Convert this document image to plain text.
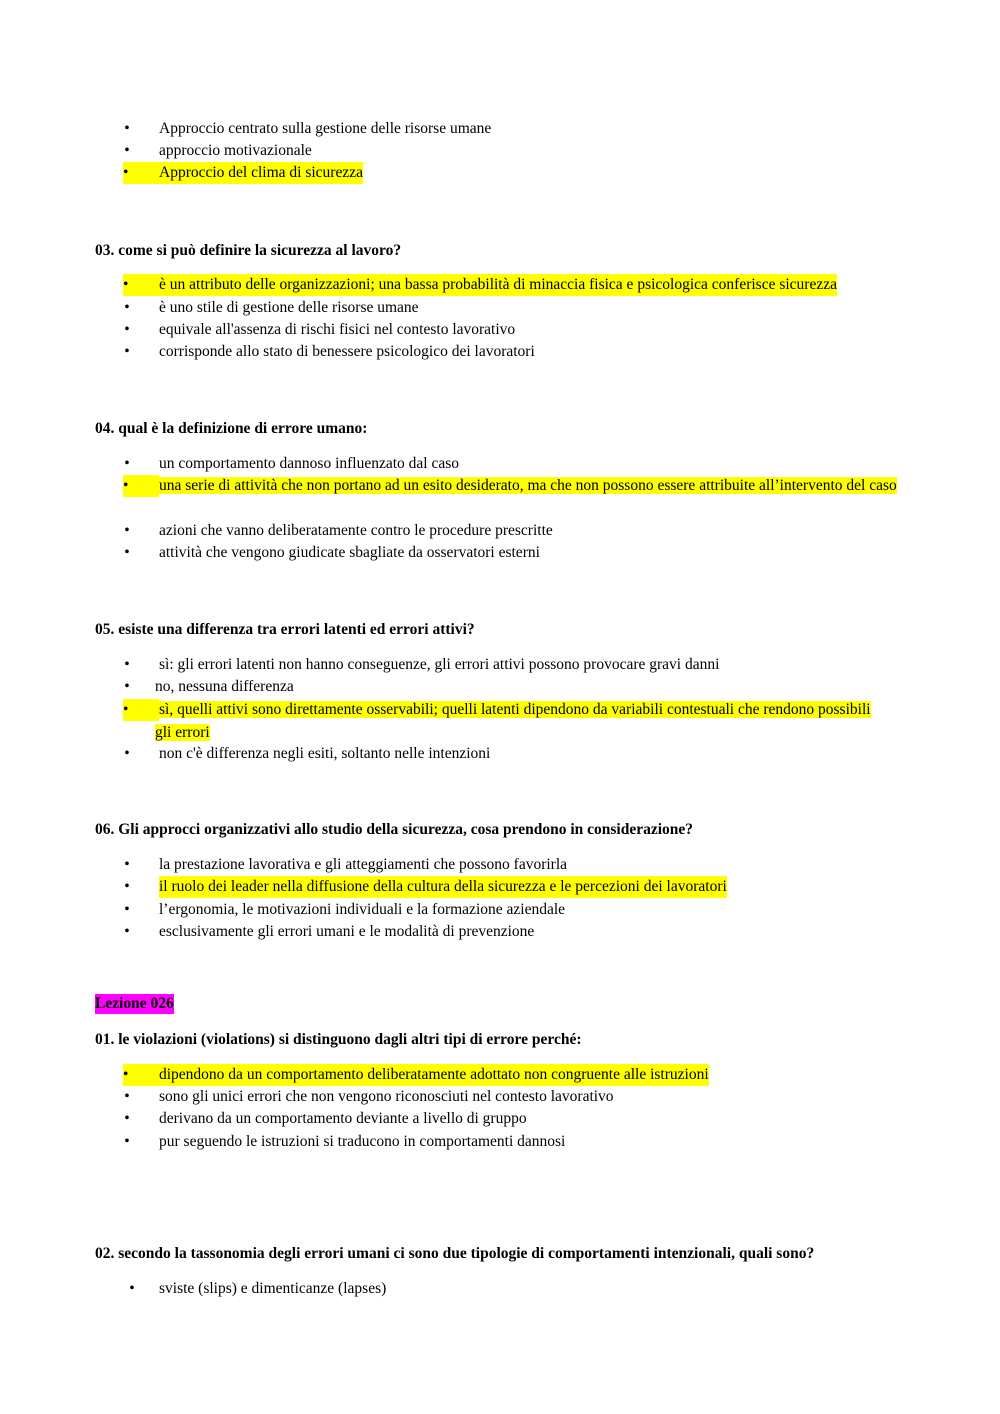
• Approccio centrato sulla gestione delle risorse umane
• approccio motivazionale
•	Approccio del clima di sicurezza
03. come si può definire la sicurezza al lavoro?
•	è un attributo delle organizzazioni; una bassa probabilità di minaccia fisica e psicologica conferisce sicurezza
• è uno stile di gestione delle risorse umane
• equivale all'assenza di rischi fisici nel contesto lavorativo
• corrisponde allo stato di benessere psicologico dei lavoratori
04. qual è la definizione di errore umano:
• un comportamento dannoso influenzato dal caso
•	una serie di attività che non portano ad un esito desiderato, ma che non possono essere attribuite all’intervento del caso
• azioni che vanno deliberatamente contro le procedure prescritte
• attività che vengono giudicate sbagliate da osservatori esterni
05. esiste una differenza tra errori latenti ed errori attivi?
• sì: gli errori latenti non hanno conseguenze, gli errori attivi possono provocare gravi danni
• no, nessuna differenza
•	sì, quelli attivi sono direttamente osservabili; quelli latenti dipendono da variabili contestuali che rendono possibili gli errori
• non c'è differenza negli esiti, soltanto nelle intenzioni
06. Gli approcci organizzativi allo studio della sicurezza, cosa prendono in considerazione?
• la prestazione lavorativa e gli atteggiamenti che possono favorirla
• il ruolo dei leader nella diffusione della cultura della sicurezza e le percezioni dei lavoratori
• l’ergonomia, le motivazioni individuali e la formazione aziendale
• esclusivamente gli errori umani e le modalità di prevenzione
Lezione 026
01. le violazioni (violations) si distinguono dagli altri tipi di errore perché:
•	dipendono da un comportamento deliberatamente adottato non congruente alle istruzioni
• sono gli unici errori che non vengono riconosciuti nel contesto lavorativo
• derivano da un comportamento deviante a livello di gruppo
• pur seguendo le istruzioni si traducono in comportamenti dannosi
02. secondo la tassonomia degli errori umani ci sono due tipologie di comportamenti intenzionali, quali sono?
• sviste (slips) e dimenticanze (lapses)
